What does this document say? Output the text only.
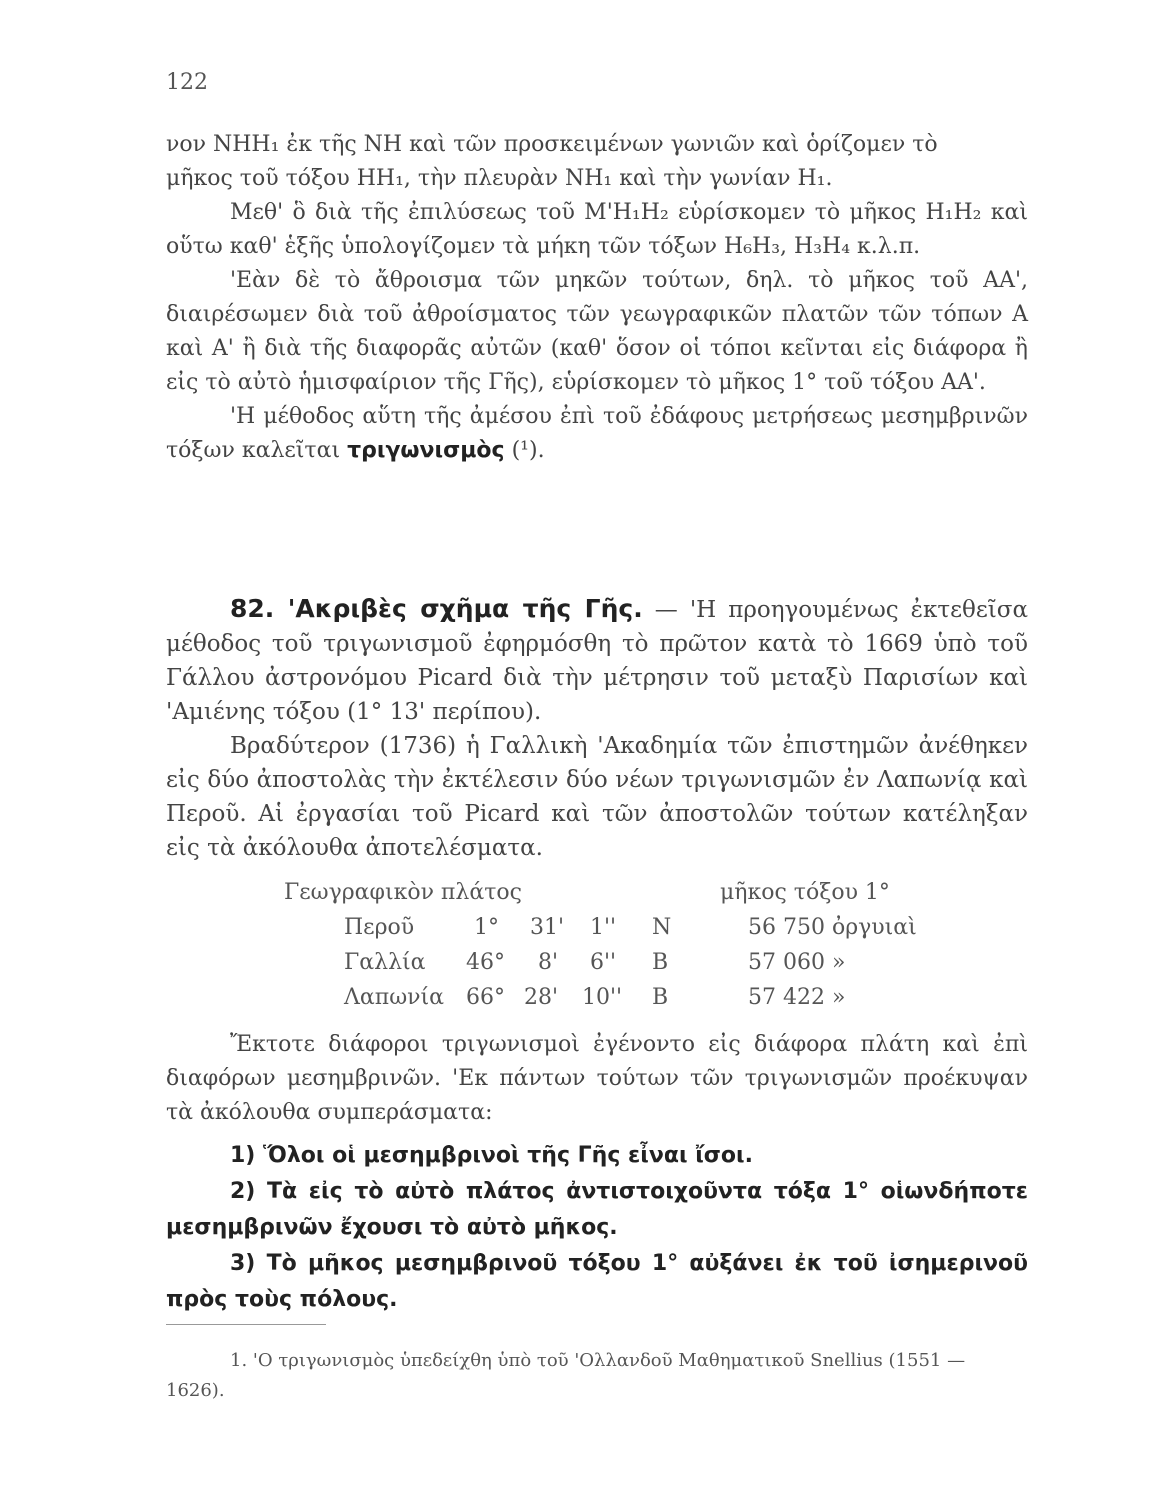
122

νον ΝΗΗ₁ ἐκ τῆς ΝΗ καὶ τῶν προσκειμένων γωνιῶν καὶ ὁρίζομεν τὸ

μῆκος τοῦ τόξου ΗΗ₁, τὴν πλευρὰν ΝΗ₁ καὶ τὴν γωνίαν Η₁.

Μεθ' ὃ διὰ τῆς ἐπιλύσεως τοῦ Μ'Η₁Η₂ εὑρίσκομεν τὸ μῆκος Η₁Η₂ καὶ οὕτω καθ' ἑξῆς ὑπολογίζομεν τὰ μήκη τῶν τόξων Η₆Η₃, Η₃Η₄ κ.λ.π.

'Εὰν δὲ τὸ ἄθροισμα τῶν μηκῶν τούτων, δηλ. τὸ μῆκος τοῦ ΑΑ', διαιρέσωμεν διὰ τοῦ ἀθροίσματος τῶν γεωγραφικῶν πλατῶν τῶν τόπων Α καὶ Α' ἢ διὰ τῆς διαφορᾶς αὐτῶν (καθ' ὅσον οἱ τόποι κεῖνται εἰς διάφορα ἢ εἰς τὸ αὐτὸ ἡμισφαίριον τῆς Γῆς), εὑρίσκομεν τὸ μῆκος 1° τοῦ τόξου ΑΑ'.

'Η μέθοδος αὕτη τῆς ἀμέσου ἐπὶ τοῦ ἐδάφους μετρήσεως μεσημβρινῶν τόξων καλεῖται τριγωνισμὸς (¹).

82. 'Ακριβὲς σχῆμα τῆς Γῆς. — 'Η προηγουμένως ἐκτεθεῖσα μέθοδος τοῦ τριγωνισμοῦ ἐφηρμόσθη τὸ πρῶτον κατὰ τὸ 1669 ὑπὸ τοῦ Γάλλου ἀστρονόμου Picard διὰ τὴν μέτρησιν τοῦ μεταξὺ Παρισίων καὶ 'Αμιένης τόξου (1° 13' περίπου).

Βραδύτερον (1736) ἡ Γαλλικὴ 'Ακαδημία τῶν ἐπιστημῶν ἀνέθηκεν εἰς δύο ἀποστολὰς τὴν ἐκτέλεσιν δύο νέων τριγωνισμῶν ἐν Λαπωνίᾳ καὶ Περοῦ. Αἱ ἐργασίαι τοῦ Picard καὶ τῶν ἀποστολῶν τούτων κατέληξαν εἰς τὰ ἀκόλουθα ἀποτελέσματα.

Γεωγραφικὸν πλάτος	μῆκος τόξου 1°
Περοῦ	1° 31' 1'' Ν	56 750 ὀργυιαὶ
Γαλλία 46° 8' 6'' Β	57 060 »
Λαπωνία 66° 28' 10'' Β	57 422 »

Ἔκτοτε διάφοροι τριγωνισμοὶ ἐγένοντο εἰς διάφορα πλάτη καὶ ἐπὶ διαφόρων μεσημβρινῶν. 'Εκ πάντων τούτων τῶν τριγωνισμῶν προέκυψαν τὰ ἀκόλουθα συμπεράσματα:

1) Ὅλοι οἱ μεσημβρινοὶ τῆς Γῆς εἶναι ἴσοι.

2) Τὰ εἰς τὸ αὐτὸ πλάτος ἀντιστοιχοῦντα τόξα 1° οἱωνδήποτε μεσημβρινῶν ἔχουσι τὸ αὐτὸ μῆκος.

3) Τὸ μῆκος μεσημβρινοῦ τόξου 1° αὐξάνει ἐκ τοῦ ἰσημερινοῦ πρὸς τοὺς πόλους.

1. 'Ο τριγωνισμὸς ὑπεδείχθη ὑπὸ τοῦ 'Ολλανδοῦ Μαθηματικοῦ Snellius (1551 — 1626).
